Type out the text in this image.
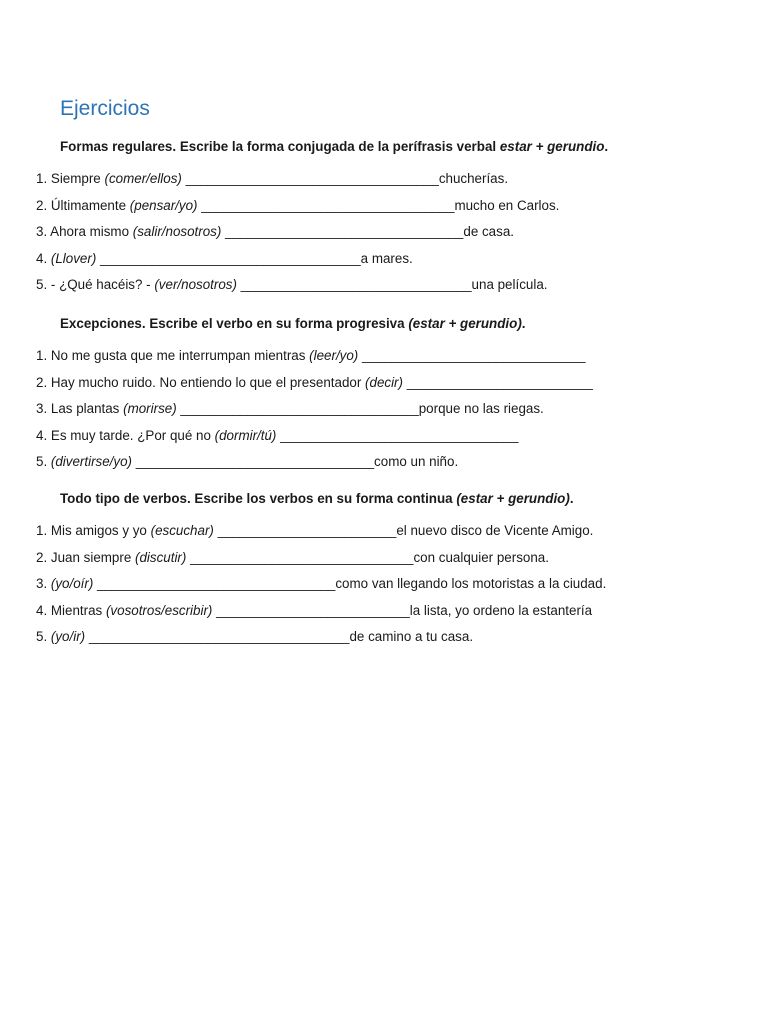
Ejercicios

Formas regulares. Escribe la forma conjugada de la perífrasis verbal estar + gerundio.

1. Siempre (comer/ellos) __________________________________chucherías.
2. Últimamente (pensar/yo) __________________________________mucho en Carlos.
3. Ahora mismo (salir/nosotros) ________________________________de casa.
4. (Llover) ___________________________________a mares.
5. - ¿Qué hacéis? - (ver/nosotros) _______________________________una película.

Excepciones. Escribe el verbo en su forma progresiva (estar + gerundio).

1. No me gusta que me interrumpan mientras (leer/yo) ______________________________
2. Hay mucho ruido. No entiendo lo que el presentador (decir) _________________________
3. Las plantas (morirse) ________________________________porque no las riegas.
4. Es muy tarde. ¿Por qué no (dormir/tú) ________________________________
5. (divertirse/yo) ________________________________como un niño.

Todo tipo de verbos. Escribe los verbos en su forma continua (estar + gerundio).

1. Mis amigos y yo (escuchar) ________________________el nuevo disco de Vicente Amigo.
2. Juan siempre (discutir) ______________________________con cualquier persona.
3. (yo/oír) ________________________________como van llegando los motoristas a la ciudad.
4. Mientras (vosotros/escribir) __________________________la lista, yo ordeno la estantería
5. (yo/ir) ___________________________________de camino a tu casa.
